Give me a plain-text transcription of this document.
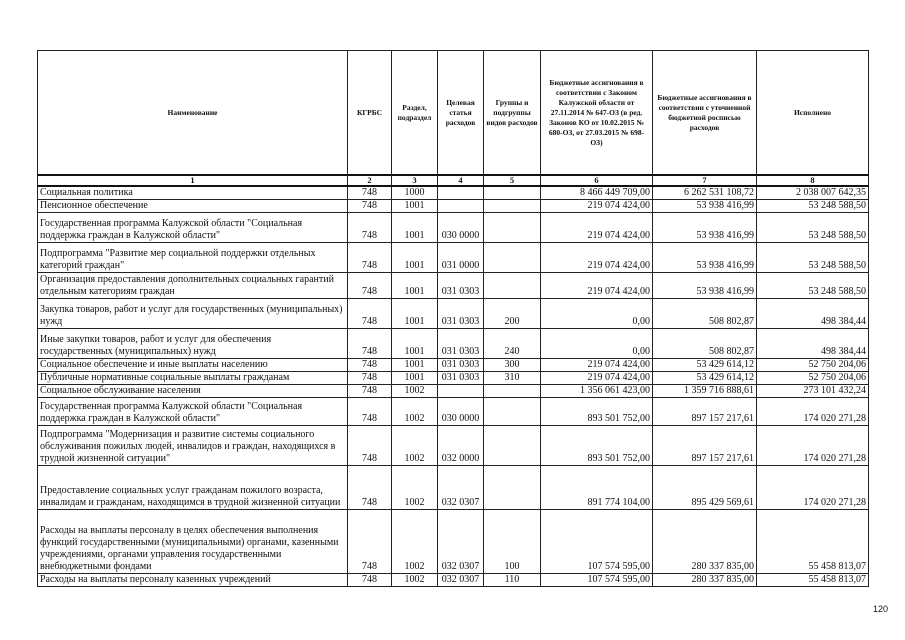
Наименование	КГРБС	Раздел, подраздел	Целевая статья расходов	Группы и подгруппы видов расходов	Бюджетные ассигнования в соответствии с Законом Калужской области от 27.11.2014 № 647-ОЗ (в ред. Законов КО от 10.02.2015 № 680-ОЗ, от 27.03.2015 № 698-ОЗ)	Бюджетные ассигнования в соответствии с уточненной бюджетной росписью расходов	Исполнено
1	2	3	4	5	6	7	8
Социальная политика	748	1000			8 466 449 709,00	6 262 531 108,72	2 038 007 642,35
Пенсионное обеспечение	748	1001			219 074 424,00	53 938 416,99	53 248 588,50
Государственная программа Калужской области "Социальная поддержка граждан в Калужской области"	748	1001	030 0000		219 074 424,00	53 938 416,99	53 248 588,50
Подпрограмма "Развитие мер социальной поддержки отдельных категорий граждан"	748	1001	031 0000		219 074 424,00	53 938 416,99	53 248 588,50
Организация предоставления дополнительных социальных гарантий отдельным категориям граждан	748	1001	031 0303		219 074 424,00	53 938 416,99	53 248 588,50
Закупка товаров, работ и услуг для государственных (муниципальных) нужд	748	1001	031 0303	200	0,00	508 802,87	498 384,44
Иные закупки товаров, работ и услуг для обеспечения государственных (муниципальных) нужд	748	1001	031 0303	240	0,00	508 802,87	498 384,44
Социальное обеспечение и иные выплаты населению	748	1001	031 0303	300	219 074 424,00	53 429 614,12	52 750 204,06
Публичные нормативные социальные выплаты гражданам	748	1001	031 0303	310	219 074 424,00	53 429 614,12	52 750 204,06
Социальное обслуживание населения	748	1002			1 356 061 423,00	1 359 716 888,61	273 101 432,24
Государственная программа Калужской области "Социальная поддержка граждан в Калужской области"	748	1002	030 0000		893 501 752,00	897 157 217,61	174 020 271,28
Подпрограмма "Модернизация и развитие системы социального обслуживания пожилых людей, инвалидов и граждан, находящихся в трудной жизненной ситуации"	748	1002	032 0000		893 501 752,00	897 157 217,61	174 020 271,28
Предоставление социальных услуг гражданам пожилого возраста, инвалидам и гражданам, находящимся в трудной жизненной ситуации	748	1002	032 0307		891 774 104,00	895 429 569,61	174 020 271,28
Расходы на выплаты персоналу в целях обеспечения выполнения функций государственными (муниципальными) органами, казенными учреждениями, органами управления государственными внебюджетными фондами	748	1002	032 0307	100	107 574 595,00	280 337 835,00	55 458 813,07
Расходы на выплаты персоналу казенных учреждений	748	1002	032 0307	110	107 574 595,00	280 337 835,00	55 458 813,07
120
